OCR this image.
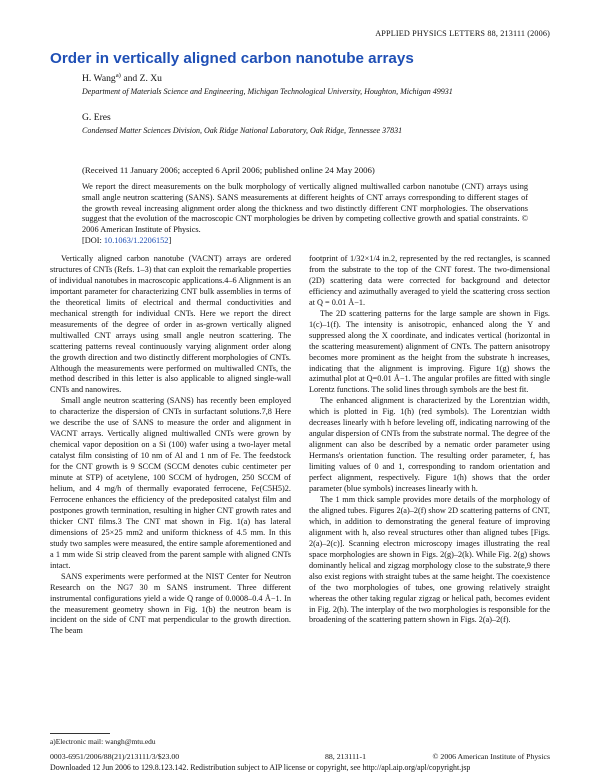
APPLIED PHYSICS LETTERS 88, 213111 (2006)
Order in vertically aligned carbon nanotube arrays
H. Wang$^{a)}$ and Z. Xu
Department of Materials Science and Engineering, Michigan Technological University, Houghton, Michigan 49931
G. Eres
Condensed Matter Sciences Division, Oak Ridge National Laboratory, Oak Ridge, Tennessee 37831
(Received 11 January 2006; accepted 6 April 2006; published online 24 May 2006)
We report the direct measurements on the bulk morphology of vertically aligned multiwalled carbon nanotube (CNT) arrays using small angle neutron scattering (SANS). SANS measurements at different heights of CNT arrays corresponding to different stages of the growth reveal increasing alignment order along the thickness and two distinctly different CNT morphologies. The observations suggest that the evolution of the macroscopic CNT morphologies be driven by competing collective growth and spatial constraints. © 2006 American Institute of Physics.
[DOI: 10.1063/1.2206152]

Vertically aligned carbon nanotube (VACNT) arrays are ordered structures of CNTs (Refs. 1–3) that can exploit the remarkable properties of individual nanotubes in macroscopic applications.4–6 Alignment is an important parameter for characterizing CNT bulk assemblies in terms of the theoretical limits of electrical and thermal conductivities and mechanical strength for individual CNTs. Here we report the direct measurements of the degree of order in as-grown vertically aligned multiwalled CNT arrays using small angle neutron scattering. The scattering patterns reveal continuously varying alignment order along the growth direction and two distinctly different morphologies of CNTs. Although the measurements were performed on multiwalled CNTs, the method described in this letter is also applicable to aligned single-wall CNTs and nanowires.

Small angle neutron scattering (SANS) has recently been employed to characterize the dispersion of CNTs in surfactant solutions.7,8 Here we describe the use of SANS to measure the order and alignment in VACNT arrays. Vertically aligned multiwalled CNTs were grown by chemical vapor deposition on a Si (100) wafer using a two-layer metal catalyst film consisting of 10 nm of Al and 1 nm of Fe. The feedstock for the CNT growth is 9 SCCM (SCCM denotes cubic centimeter per minute at STP) of acetylene, 100 SCCM of hydrogen, 250 SCCM of helium, and 4 mg/h of thermally evaporated ferrocene, Fe(C5H5)2. Ferrocene enhances the efficiency of the predeposited catalyst film and postpones growth termination, resulting in higher CNT growth rates and thicker CNT films.3 The CNT mat shown in Fig. 1(a) has lateral dimensions of 25×25 mm2 and uniform thickness of 4.5 mm. In this study two samples were measured, the entire sample aforementioned and a 1 mm wide Si strip cleaved from the parent sample with aligned CNTs intact.

SANS experiments were performed at the NIST Center for Neutron Research on the NG7 30 m SANS instrument. Three different instrumental configurations yield a wide Q range of 0.0008–0.4 Å−1. In the measurement geometry shown in Fig. 1(b) the neutron beam is incident on the side of CNT mat perpendicular to the growth direction. The beam

footprint of 1/32×1/4 in.2, represented by the red rectangles, is scanned from the substrate to the top of the CNT forest. The two-dimensional (2D) scattering data were corrected for background and detector efficiency and azimuthally averaged to yield the scattering cross section at Q = 0.01 Å−1.

The 2D scattering patterns for the large sample are shown in Figs. 1(c)–1(f). The intensity is anisotropic, enhanced along the Y and suppressed along the X coordinate, and indicates vertical (horizontal in the scattering measurement) alignment of CNTs. The pattern anisotropy becomes more prominent as the height from the substrate h increases, indicating that the alignment is improving. Figure 1(g) shows the azimuthal plot at Q=0.01 Å−1. The angular profiles are fitted with single Lorentz functions. The solid lines through symbols are the best fit.

The enhanced alignment is characterized by the Lorentzian width, which is plotted in Fig. 1(h) (red symbols). The Lorentzian width decreases linearly with h before leveling off, indicating narrowing of the angular dispersion of CNTs from the substrate normal. The degree of the alignment can also be described by a nematic order parameter using Hermans's orientation function. The resulting order parameter, f, has limiting values of 0 and 1, corresponding to random orientation and perfect alignment, respectively. Figure 1(h) shows that the order parameter (blue symbols) increases linearly with h.

The 1 mm thick sample provides more details of the morphology of the aligned tubes. Figures 2(a)–2(f) show 2D scattering patterns of CNT, which, in addition to demonstrating the general feature of improving alignment with h, also reveal structures other than aligned tubes [Figs. 2(a)–2(c)]. Scanning electron microscopy images illustrating the real space morphologies are shown in Figs. 2(g)–2(k). While Fig. 2(g) shows dominantly helical and zigzag morphology close to the substrate,9 there also exist regions with straight tubes at the same height. The coexistence of the two morphologies of tubes, one growing relatively straight whereas the other taking regular zigzag or helical path, becomes evident in Fig. 2(h). The interplay of the two morphologies is responsible for the broadening of the scattering pattern shown in Figs. 2(a)–2(f).

a)Electronic mail: wangh@mtu.edu
0003-6951/2006/88(21)/213111/3/$23.00	88, 213111-1	© 2006 American Institute of Physics
Downloaded 12 Jun 2006 to 129.8.123.142. Redistribution subject to AIP license or copyright, see http://apl.aip.org/apl/copyright.jsp
